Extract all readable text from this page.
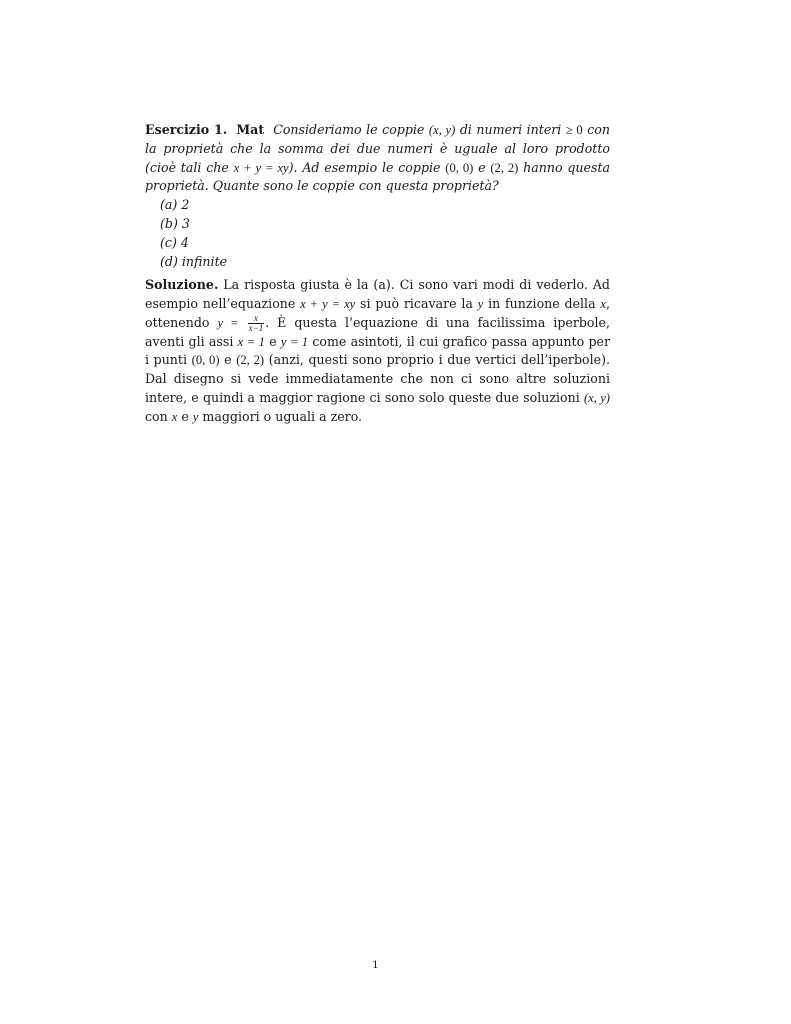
Esercizio 1. Mat Consideriamo le coppie (x, y) di numeri interi ≥ 0 con la proprietà che la somma dei due numeri è uguale al loro prodotto (cioè tali che x + y = xy). Ad esempio le coppie (0, 0) e (2, 2) hanno questa proprietà. Quante sono le coppie con questa proprietà?
(a) 2
(b) 3
(c) 4
(d) infinite
Soluzione. La risposta giusta è la (a). Ci sono vari modi di vederlo. Ad esempio nell’equazione x + y = xy si può ricavare la y in funzione della x, ottenendo $y = \frac{x}{x-1}$ . È questa l’equazione di una facilissima iperbole, aventi gli assi x = 1 e y = 1 come asintoti, il cui grafico passa appunto per i punti (0, 0) e (2, 2) (anzi, questi sono proprio i due vertici dell’iperbole). Dal disegno si vede immediatamente che non ci sono altre soluzioni intere, e quindi a maggior ragione ci sono solo queste due soluzioni (x, y) con x e y maggiori o uguali a zero.
1
